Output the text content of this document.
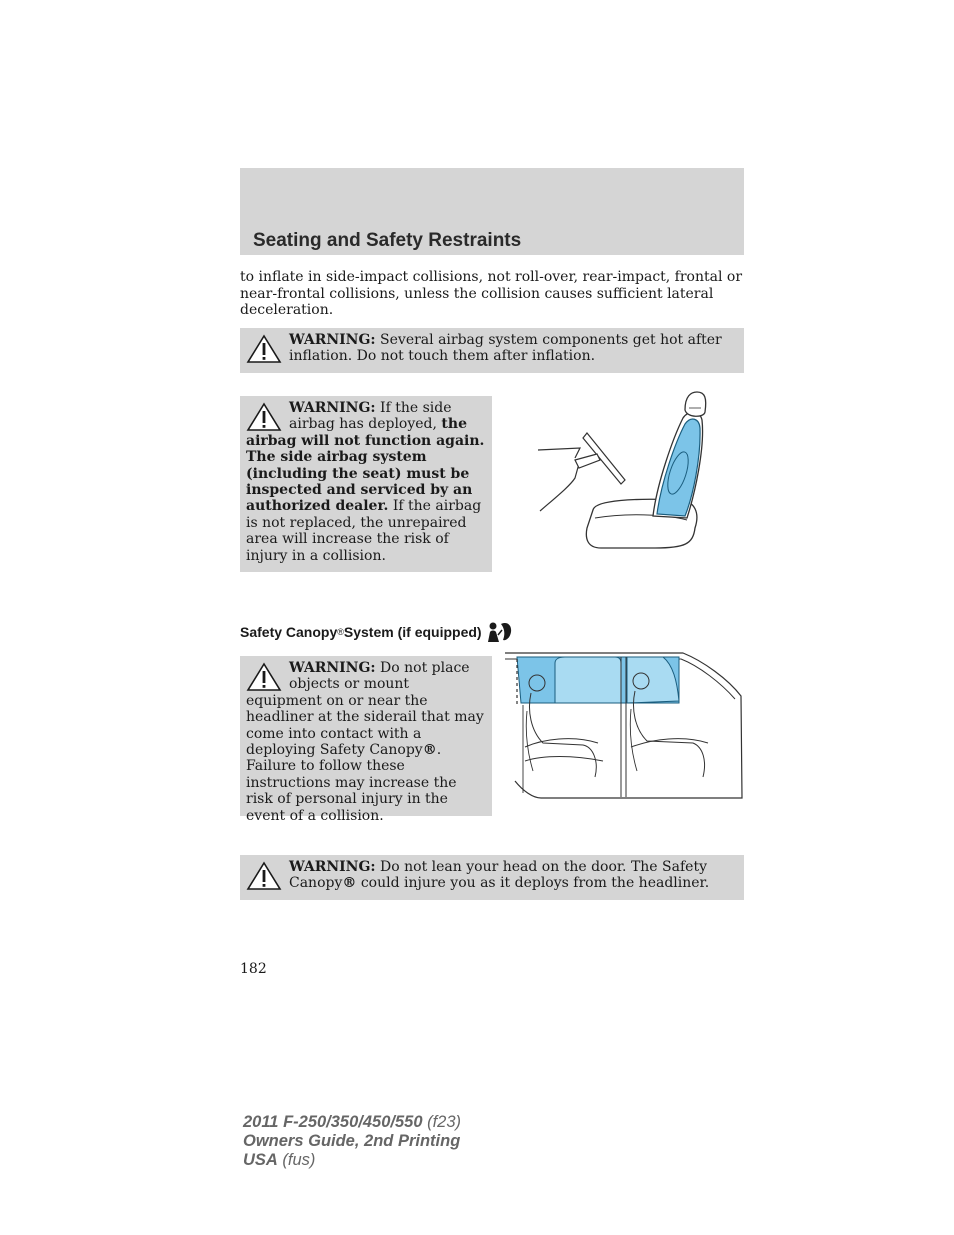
Seating and Safety Restraints
to inflate in side-impact collisions, not roll-over, rear-impact, frontal or near-frontal collisions, unless the collision causes sufficient lateral deceleration.
WARNING: Several airbag system components get hot after inflation. Do not touch them after inflation.
WARNING: If the side airbag has deployed, the airbag will not function again. The side airbag system (including the seat) must be inspected and serviced by an authorized dealer. If the airbag is not replaced, the unrepaired area will increase the risk of injury in a collision.
Safety Canopy ® System (if equipped)
WARNING: Do not place objects or mount equipment on or near the headliner at the siderail that may come into contact with a deploying Safety Canopy®. Failure to follow these instructions may increase the risk of personal injury in the event of a collision.
WARNING: Do not lean your head on the door. The Safety Canopy® could injure you as it deploys from the headliner.
182
2011 F-250/350/450/550 (f23)
Owners Guide, 2nd Printing
USA (fus)
